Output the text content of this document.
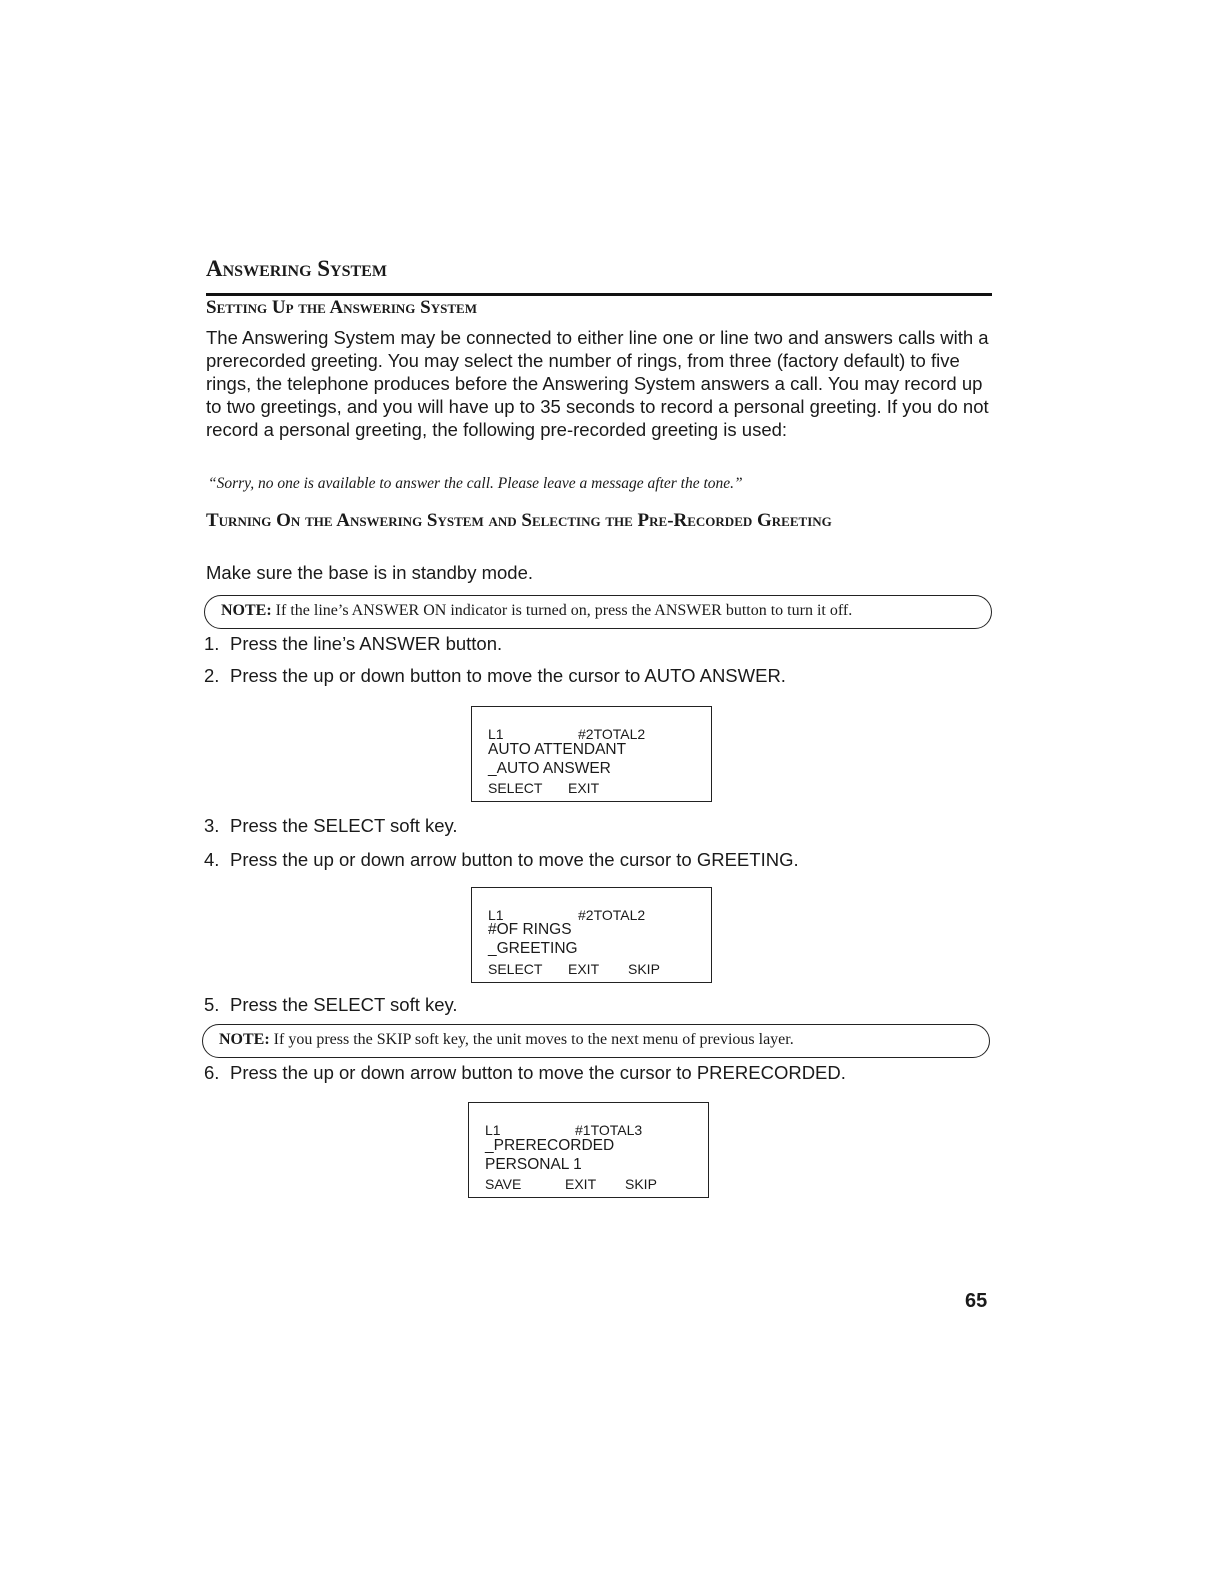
Answering System
Setting Up the Answering System
The Answering System may be connected to either line one or line two and answers calls with a prerecorded greeting. You may select the number of rings, from three (factory default) to five rings, the telephone produces before the Answering System answers a call. You may record up to two greetings, and you will have up to 35 seconds to record a personal greeting. If you do not record a personal greeting, the following pre-recorded greeting is used:
“Sorry, no one is available to answer the call. Please leave a message after the tone.”
Turning On the Answering System and Selecting the Pre-Recorded Greeting
Make sure the base is in standby mode.
NOTE: If the line’s ANSWER ON indicator is turned on, press the ANSWER button to turn it off.
1. Press the line’s ANSWER button.
2. Press the up or down button to move the cursor to AUTO ANSWER.
L1	#2TOTAL2
AUTO ATTENDANT
_AUTO ANSWER
SELECT EXIT
3. Press the SELECT soft key.
4. Press the up or down arrow button to move the cursor to GREETING.
L1	#2TOTAL2
#OF RINGS
_GREETING
SELECT EXIT SKIP
5. Press the SELECT soft key.
NOTE: If you press the SKIP soft key, the unit moves to the next menu of previous layer.
6. Press the up or down arrow button to move the cursor to PRERECORDED.
L1	#1TOTAL3
_PRERECORDED
PERSONAL 1
SAVE	EXIT SKIP
65
